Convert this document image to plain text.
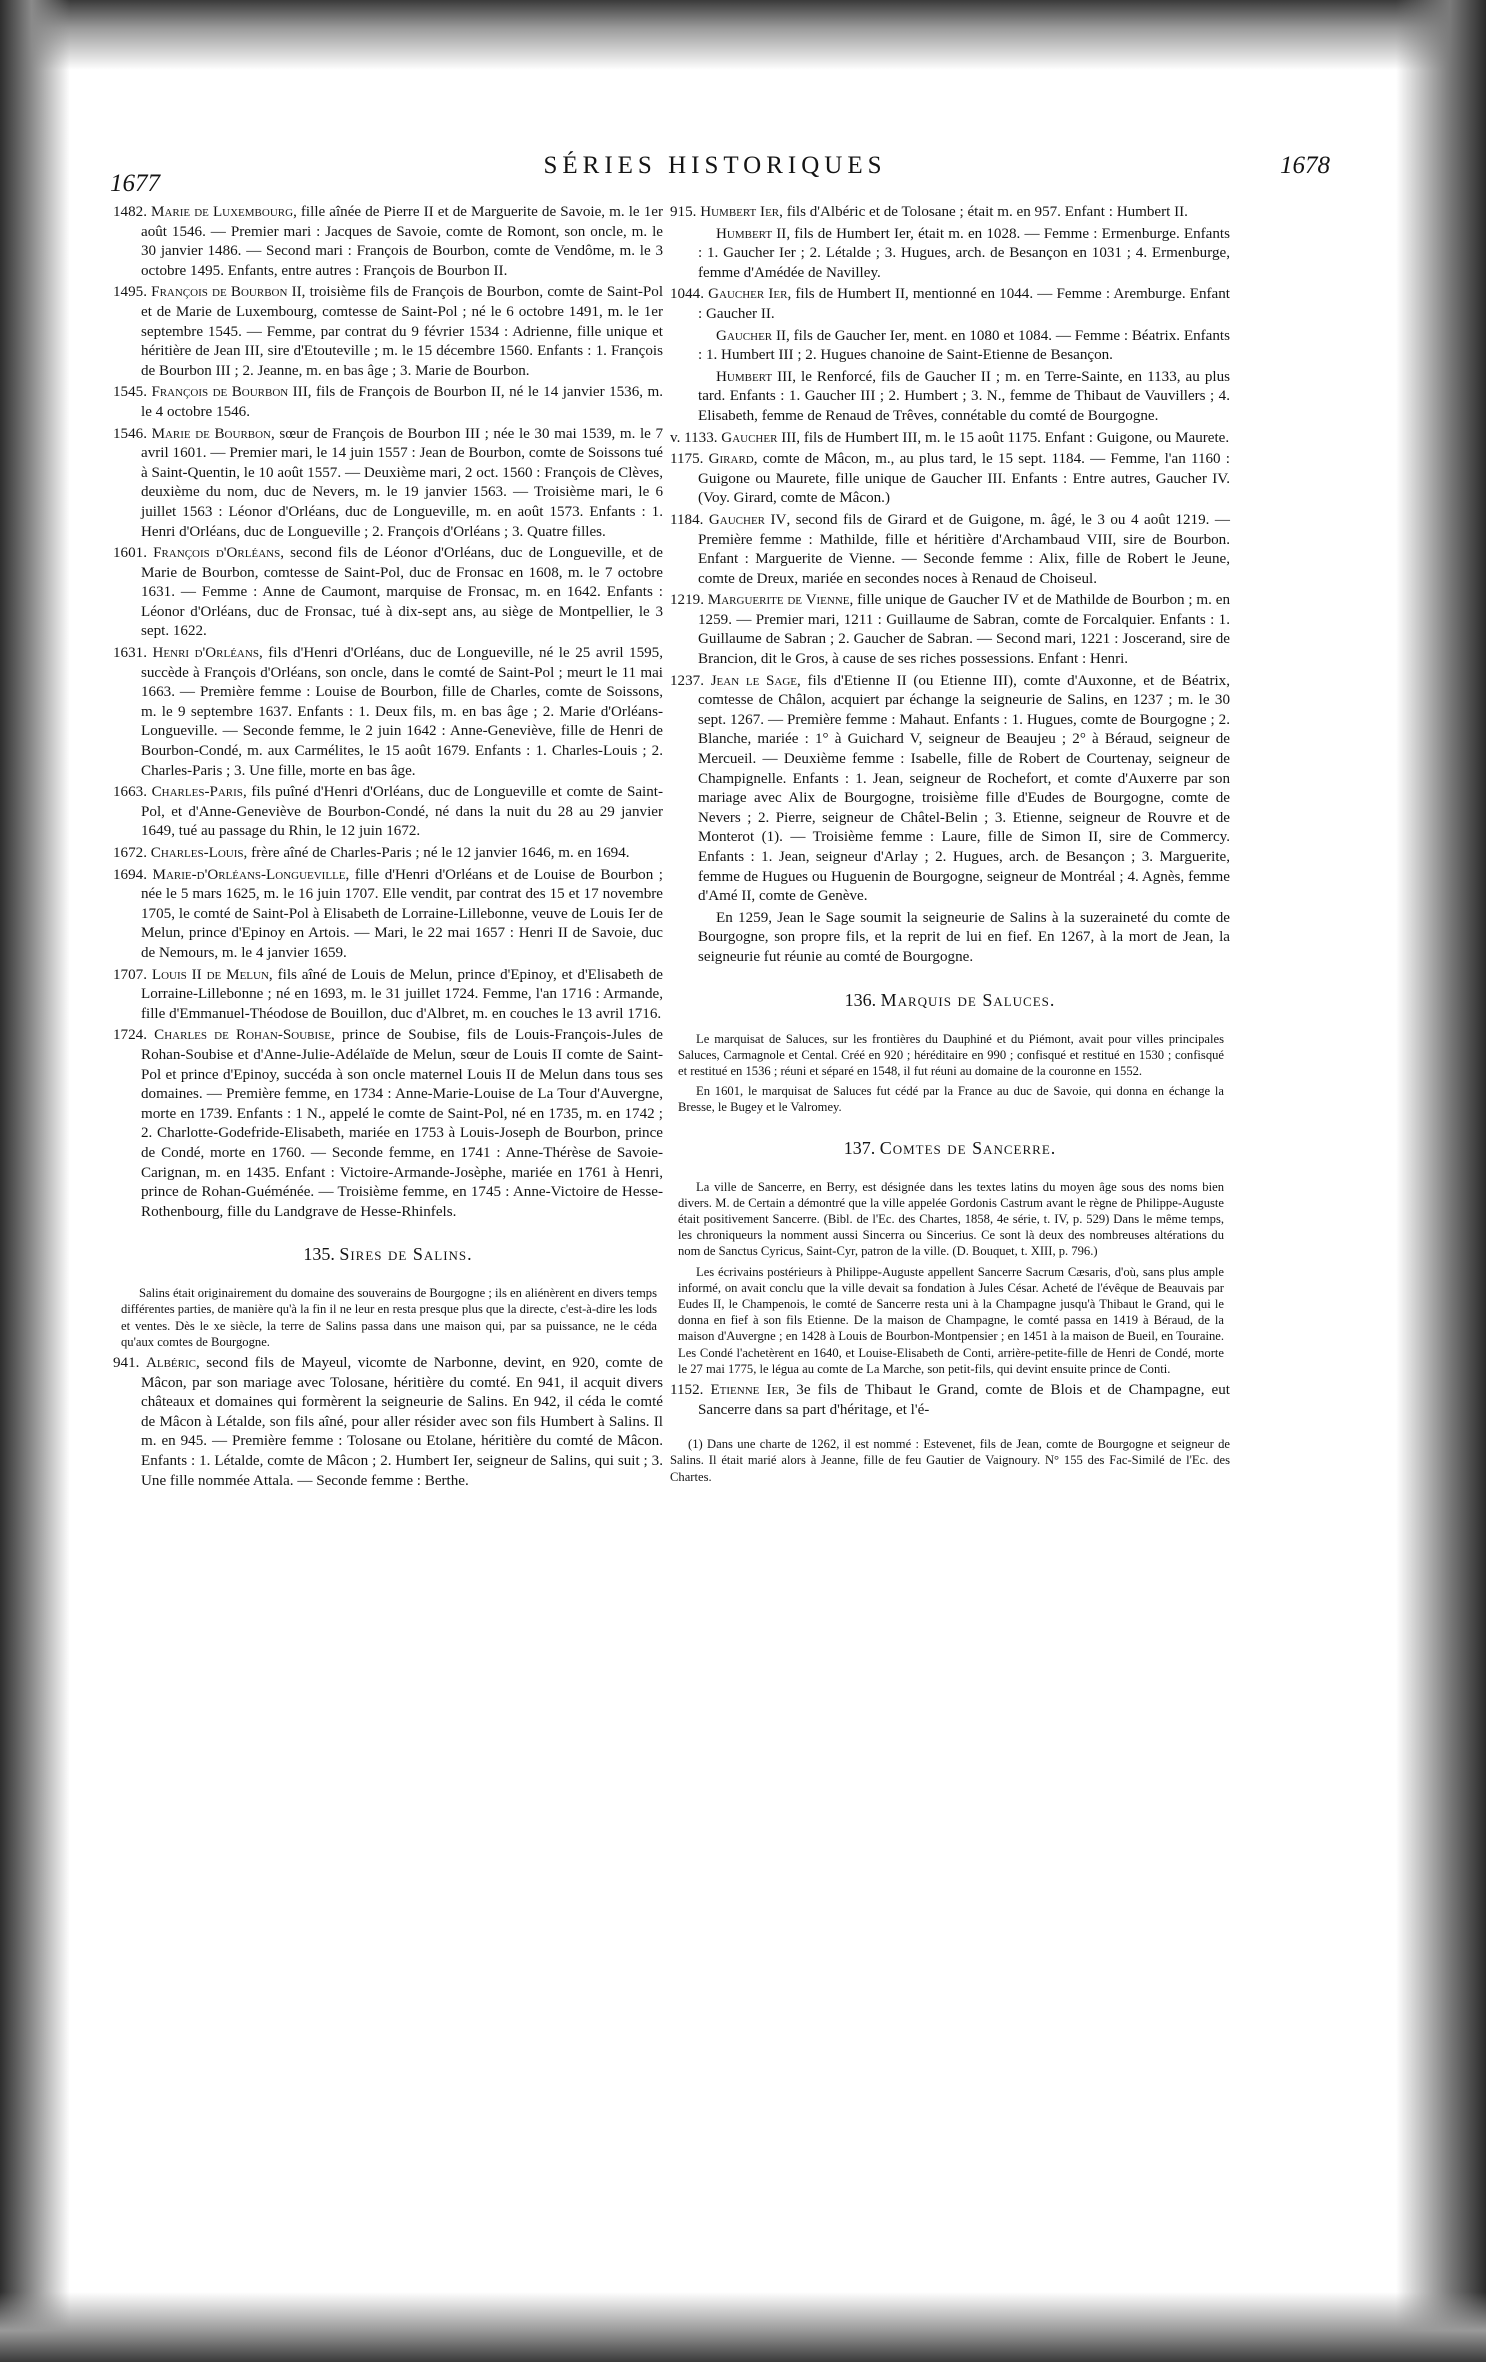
1677
SÉRIES HISTORIQUES	1678

1482. Marie de Luxembourg, fille aînée de Pierre II et de Marguerite de Savoie, m. le 1er août 1546. — Premier mari : Jacques de Savoie, comte de Romont, son oncle, m. le 30 janvier 1486. — Second mari : François de Bourbon, comte de Vendôme, m. le 3 octobre 1495. Enfants, entre autres : François de Bourbon II.

1495. François de Bourbon II, troisième fils de François de Bourbon, comte de Saint-Pol et de Marie de Luxembourg, comtesse de Saint-Pol ; né le 6 octobre 1491, m. le 1er septembre 1545. — Femme, par contrat du 9 février 1534 : Adrienne, fille unique et héritière de Jean III, sire d'Etouteville ; m. le 15 décembre 1560. Enfants : 1. François de Bourbon III ; 2. Jeanne, m. en bas âge ; 3. Marie de Bourbon.

1545. François de Bourbon III, fils de François de Bourbon II, né le 14 janvier 1536, m. le 4 octobre 1546.

1546. Marie de Bourbon, sœur de François de Bourbon III ; née le 30 mai 1539, m. le 7 avril 1601. — Premier mari, le 14 juin 1557 : Jean de Bourbon, comte de Soissons tué à Saint-Quentin, le 10 août 1557. — Deuxième mari, 2 oct. 1560 : François de Clèves, deuxième du nom, duc de Nevers, m. le 19 janvier 1563. — Troisième mari, le 6 juillet 1563 : Léonor d'Orléans, duc de Longueville, m. en août 1573. Enfants : 1. Henri d'Orléans, duc de Longueville ; 2. François d'Orléans ; 3. Quatre filles.

1601. François d'Orléans, second fils de Léonor d'Orléans, duc de Longueville, et de Marie de Bourbon, comtesse de Saint-Pol, duc de Fronsac en 1608, m. le 7 octobre 1631. — Femme : Anne de Caumont, marquise de Fronsac, m. en 1642. Enfants : Léonor d'Orléans, duc de Fronsac, tué à dix-sept ans, au siège de Montpellier, le 3 sept. 1622.

1631. Henri d'Orléans, fils d'Henri d'Orléans, duc de Longueville, né le 25 avril 1595, succède à François d'Orléans, son oncle, dans le comté de Saint-Pol ; meurt le 11 mai 1663. — Première femme : Louise de Bourbon, fille de Charles, comte de Soissons, m. le 9 septembre 1637. Enfants : 1. Deux fils, m. en bas âge ; 2. Marie d'Orléans-Longueville. — Seconde femme, le 2 juin 1642 : Anne-Geneviève, fille de Henri de Bourbon-Condé, m. aux Carmélites, le 15 août 1679. Enfants : 1. Charles-Louis ; 2. Charles-Paris ; 3. Une fille, morte en bas âge.

1663. Charles-Paris, fils puîné d'Henri d'Orléans, duc de Longueville et comte de Saint-Pol, et d'Anne-Geneviève de Bourbon-Condé, né dans la nuit du 28 au 29 janvier 1649, tué au passage du Rhin, le 12 juin 1672.

1672. Charles-Louis, frère aîné de Charles-Paris ; né le 12 janvier 1646, m. en 1694.

1694. Marie-d'Orléans-Longueville, fille d'Henri d'Orléans et de Louise de Bourbon ; née le 5 mars 1625, m. le 16 juin 1707. Elle vendit, par contrat des 15 et 17 novembre 1705, le comté de Saint-Pol à Elisabeth de Lorraine-Lillebonne, veuve de Louis Ier de Melun, prince d'Epinoy en Artois. — Mari, le 22 mai 1657 : Henri II de Savoie, duc de Nemours, m. le 4 janvier 1659.

1707. Louis II de Melun, fils aîné de Louis de Melun, prince d'Epinoy, et d'Elisabeth de Lorraine-Lillebonne ; né en 1693, m. le 31 juillet 1724. Femme, l'an 1716 : Armande, fille d'Emmanuel-Théodose de Bouillon, duc d'Albret, m. en couches le 13 avril 1716.

1724. Charles de Rohan-Soubise, prince de Soubise, fils de Louis-François-Jules de Rohan-Soubise et d'Anne-Julie-Adélaïde de Melun, sœur de Louis II comte de Saint-Pol et prince d'Epinoy, succéda à son oncle maternel Louis II de Melun dans tous ses domaines. — Première femme, en 1734 : Anne-Marie-Louise de La Tour d'Auvergne, morte en 1739. Enfants : 1 N., appelé le comte de Saint-Pol, né en 1735, m. en 1742 ; 2. Charlotte-Godefride-Elisabeth, mariée en 1753 à Louis-Joseph de Bourbon, prince de Condé, morte en 1760. — Seconde femme, en 1741 : Anne-Thérèse de Savoie-Carignan, m. en 1435. Enfant : Victoire-Armande-Josèphe, mariée en 1761 à Henri, prince de Rohan-Guéménée. — Troisième femme, en 1745 : Anne-Victoire de Hesse-Rothenbourg, fille du Landgrave de Hesse-Rhinfels.

135. Sires de Salins.

Salins était originairement du domaine des souverains de Bourgogne ; ils en aliénèrent en divers temps différentes parties, de manière qu'à la fin il ne leur en resta presque plus que la directe, c'est-à-dire les lods et ventes. Dès le xe siècle, la terre de Salins passa dans une maison qui, par sa puissance, ne le céda qu'aux comtes de Bourgogne.

941. Albéric, second fils de Mayeul, vicomte de Narbonne, devint, en 920, comte de Mâcon, par son mariage avec Tolosane, héritière du comté. En 941, il acquit divers châteaux et domaines qui formèrent la seigneurie de Salins. En 942, il céda le comté de Mâcon à Létalde, son fils aîné, pour aller résider avec son fils Humbert à Salins. Il m. en 945. — Première femme : Tolosane ou Etolane, héritière du comté de Mâcon. Enfants : 1. Létalde, comte de Mâcon ; 2. Humbert Ier, seigneur de Salins, qui suit ; 3. Une fille nommée Attala. — Seconde femme : Berthe.

915. Humbert Ier, fils d'Albéric et de Tolosane ; était m. en 957. Enfant : Humbert II.

Humbert II, fils de Humbert Ier, était m. en 1028. — Femme : Ermenburge. Enfants : 1. Gaucher Ier ; 2. Létalde ; 3. Hugues, arch. de Besançon en 1031 ; 4. Ermenburge, femme d'Amédée de Navilley.

1044. Gaucher Ier, fils de Humbert II, mentionné en 1044. — Femme : Aremburge. Enfant : Gaucher II.

Gaucher II, fils de Gaucher Ier, ment. en 1080 et 1084. — Femme : Béatrix. Enfants : 1. Humbert III ; 2. Hugues chanoine de Saint-Etienne de Besançon.

Humbert III, le Renforcé, fils de Gaucher II ; m. en Terre-Sainte, en 1133, au plus tard. Enfants : 1. Gaucher III ; 2. Humbert ; 3. N., femme de Thibaut de Vauvillers ; 4. Elisabeth, femme de Renaud de Trêves, connétable du comté de Bourgogne.

v. 1133. Gaucher III, fils de Humbert III, m. le 15 août 1175. Enfant : Guigone, ou Maurete.

1175. Girard, comte de Mâcon, m., au plus tard, le 15 sept. 1184. — Femme, l'an 1160 : Guigone ou Maurete, fille unique de Gaucher III. Enfants : Entre autres, Gaucher IV. (Voy. Girard, comte de Mâcon.)

1184. Gaucher IV, second fils de Girard et de Guigone, m. âgé, le 3 ou 4 août 1219. — Première femme : Mathilde, fille et héritière d'Archambaud VIII, sire de Bourbon. Enfant : Marguerite de Vienne. — Seconde femme : Alix, fille de Robert le Jeune, comte de Dreux, mariée en secondes noces à Renaud de Choiseul.

1219. Marguerite de Vienne, fille unique de Gaucher IV et de Mathilde de Bourbon ; m. en 1259. — Premier mari, 1211 : Guillaume de Sabran, comte de Forcalquier. Enfants : 1. Guillaume de Sabran ; 2. Gaucher de Sabran. — Second mari, 1221 : Joscerand, sire de Brancion, dit le Gros, à cause de ses riches possessions. Enfant : Henri.

1237. Jean le Sage, fils d'Etienne II (ou Etienne III), comte d'Auxonne, et de Béatrix, comtesse de Châlon, acquiert par échange la seigneurie de Salins, en 1237 ; m. le 30 sept. 1267. — Première femme : Mahaut. Enfants : 1. Hugues, comte de Bourgogne ; 2. Blanche, mariée : 1° à Guichard V, seigneur de Beaujeu ; 2° à Béraud, seigneur de Mercueil. — Deuxième femme : Isabelle, fille de Robert de Courtenay, seigneur de Champignelle. Enfants : 1. Jean, seigneur de Rochefort, et comte d'Auxerre par son mariage avec Alix de Bourgogne, troisième fille d'Eudes de Bourgogne, comte de Nevers ; 2. Pierre, seigneur de Châtel-Belin ; 3. Etienne, seigneur de Rouvre et de Monterot (1). — Troisième femme : Laure, fille de Simon II, sire de Commercy. Enfants : 1. Jean, seigneur d'Arlay ; 2. Hugues, arch. de Besançon ; 3. Marguerite, femme de Hugues ou Huguenin de Bourgogne, seigneur de Montréal ; 4. Agnès, femme d'Amé II, comte de Genève.

En 1259, Jean le Sage soumit la seigneurie de Salins à la suzeraineté du comte de Bourgogne, son propre fils, et la reprit de lui en fief. En 1267, à la mort de Jean, la seigneurie fut réunie au comté de Bourgogne.

136. Marquis de Saluces.

Le marquisat de Saluces, sur les frontières du Dauphiné et du Piémont, avait pour villes principales Saluces, Carmagnole et Cental. Créé en 920 ; héréditaire en 990 ; confisqué et restitué en 1530 ; confisqué et restitué en 1536 ; réuni et séparé en 1548, il fut réuni au domaine de la couronne en 1552.

En 1601, le marquisat de Saluces fut cédé par la France au duc de Savoie, qui donna en échange la Bresse, le Bugey et le Valromey.

137. Comtes de Sancerre.

La ville de Sancerre, en Berry, est désignée dans les textes latins du moyen âge sous des noms bien divers. M. de Certain a démontré que la ville appelée Gordonis Castrum avant le règne de Philippe-Auguste était positivement Sancerre. (Bibl. de l'Ec. des Chartes, 1858, 4e série, t. IV, p. 529) Dans le même temps, les chroniqueurs la nomment aussi Sincerra ou Sincerius. Ce sont là deux des nombreuses altérations du nom de Sanctus Cyricus, Saint-Cyr, patron de la ville. (D. Bouquet, t. XIII, p. 796.)

Les écrivains postérieurs à Philippe-Auguste appellent Sancerre Sacrum Cæsaris, d'où, sans plus ample informé, on avait conclu que la ville devait sa fondation à Jules César. Acheté de l'évêque de Beauvais par Eudes II, le Champenois, le comté de Sancerre resta uni à la Champagne jusqu'à Thibaut le Grand, qui le donna en fief à son fils Etienne. De la maison de Champagne, le comté passa en 1419 à Béraud, de la maison d'Auvergne ; en 1428 à Louis de Bourbon-Montpensier ; en 1451 à la maison de Bueil, en Touraine. Les Condé l'achetèrent en 1640, et Louise-Elisabeth de Conti, arrière-petite-fille de Henri de Condé, morte le 27 mai 1775, le légua au comte de La Marche, son petit-fils, qui devint ensuite prince de Conti.

1152. Etienne Ier, 3e fils de Thibaut le Grand, comte de Blois et de Champagne, eut Sancerre dans sa part d'héritage, et l'é-

(1) Dans une charte de 1262, il est nommé : Estevenet, fils de Jean, comte de Bourgogne et seigneur de Salins. Il était marié alors à Jeanne, fille de feu Gautier de Vaignoury. N° 155 des Fac-Similé de l'Ec. des Chartes.
